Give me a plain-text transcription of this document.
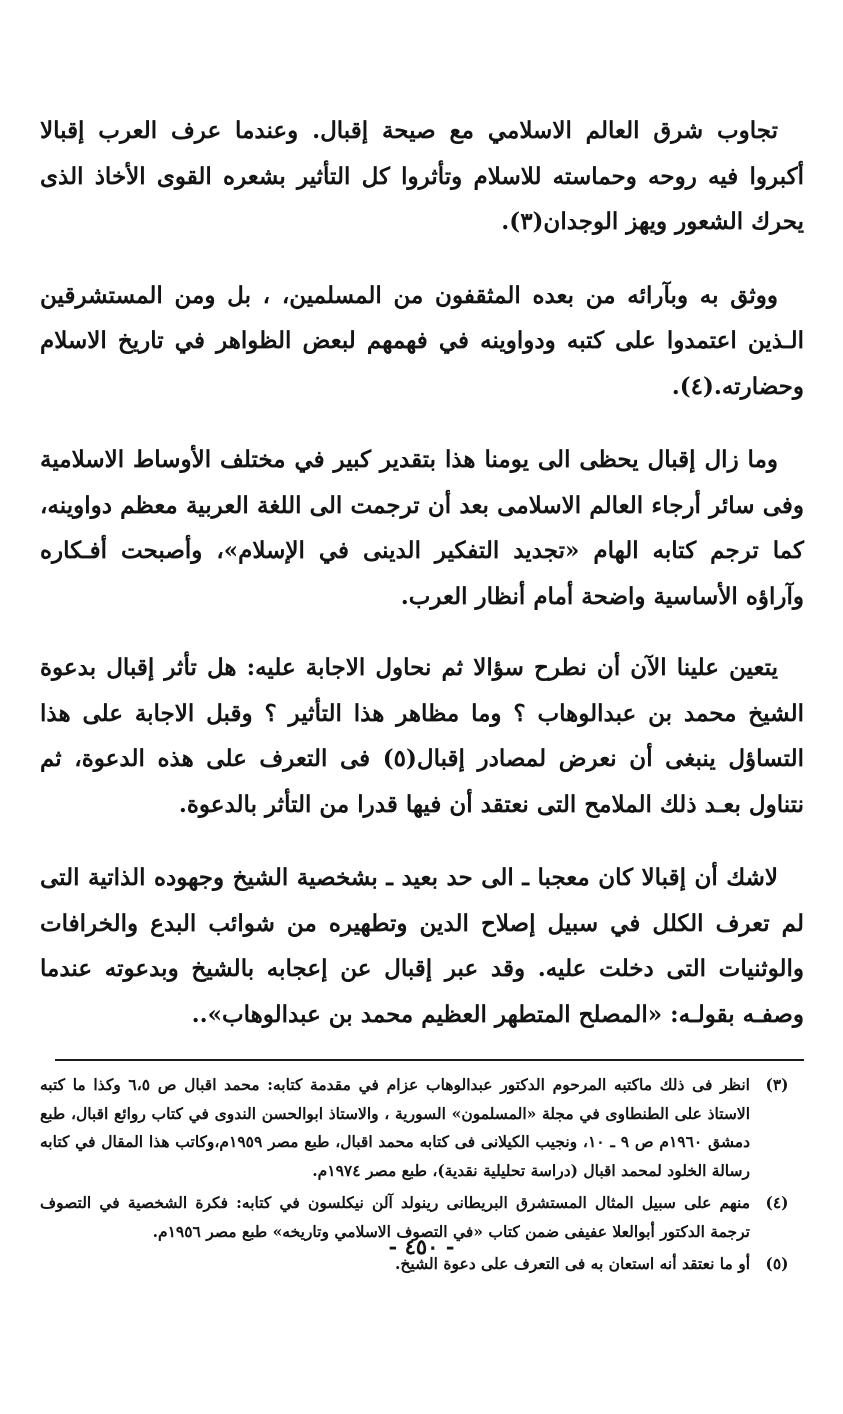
تجاوب شرق العالم الاسلامي مع صيحة إقبال. وعندما عرف العرب إقبالا أكبروا فيه روحه وحماسته للاسلام وتأثروا كل التأثير بشعره القوى الأخاذ الذى يحرك الشعور ويهز الوجدان(٣).

ووثق به وبآرائه من بعده المثقفون من المسلمين، ، بل ومن المستشرقين الـذين اعتمدوا على كتبه ودواوينه في فهمهم لبعض الظواهر في تاريخ الاسلام وحضارته.(٤).

وما زال إقبال يحظى الى يومنا هذا بتقدير كبير في مختلف الأوساط الاسلامية وفى سائر أرجاء العالم الاسلامى بعد أن ترجمت الى اللغة العربية معظم دواوينه، كما ترجم كتابه الهام «تجديد التفكير الدينى في الإسلام»، وأصبحت أفـكاره وآراؤه الأساسية واضحة أمام أنظار العرب.

يتعين علينا الآن أن نطرح سؤالا ثم نحاول الاجابة عليه: هل تأثر إقبال بدعوة الشيخ محمد بن عبدالوهاب ؟ وما مظاهر هذا التأثير ؟ وقبل الاجابة على هذا التساؤل ينبغى أن نعرض لمصادر إقبال(٥) فى التعرف على هذه الدعوة، ثم نتناول بعـد ذلك الملامح التى نعتقد أن فيها قدرا من التأثر بالدعوة.

لاشك أن إقبالا كان معجبا ـ الى حد بعيد ـ بشخصية الشيخ وجهوده الذاتية التى لم تعرف الكلل في سبيل إصلاح الدين وتطهيره من شوائب البدع والخرافات والوثنيات التى دخلت عليه. وقد عبر إقبال عن إعجابه بالشيخ وبدعوته عندما وصفـه بقولـه: «المصلح المتطهر العظيم محمد بن عبدالوهاب»..

(٣)
انظر فى ذلك ماكتبه المرحوم الدكتور عبدالوهاب عزام في مقدمة كتابه: محمد اقبال ص ٦،٥ وكذا ما كتبه الاستاذ على الطنطاوى في مجلة «المسلمون» السورية ، والاستاذ ابوالحسن الندوى في كتاب روائع اقبال، طبع دمشق ١٩٦٠م ص ٩ ـ ١٠، ونجيب الكيلانى فى كتابه محمد اقبال، طبع مصر ١٩٥٩م،وكاتب هذا المقال في كتابه رسالة الخلود لمحمد اقبال (دراسة تحليلية نقدية)، طبع مصر ١٩٧٤م.
(٤)
منهم على سبيل المثال المستشرق البريطانى رينولد آلن نيكلسون في كتابه: فكرة الشخصية في التصوف ترجمة الدكتور أبوالعلا عفيفى ضمن كتاب «في التصوف الاسلامي وتاريخه» طبع مصر ١٩٥٦م.
(٥)
أو ما نعتقد أنه استعان به فى التعرف على دعوة الشيخ.
- ٤٥٠ -
